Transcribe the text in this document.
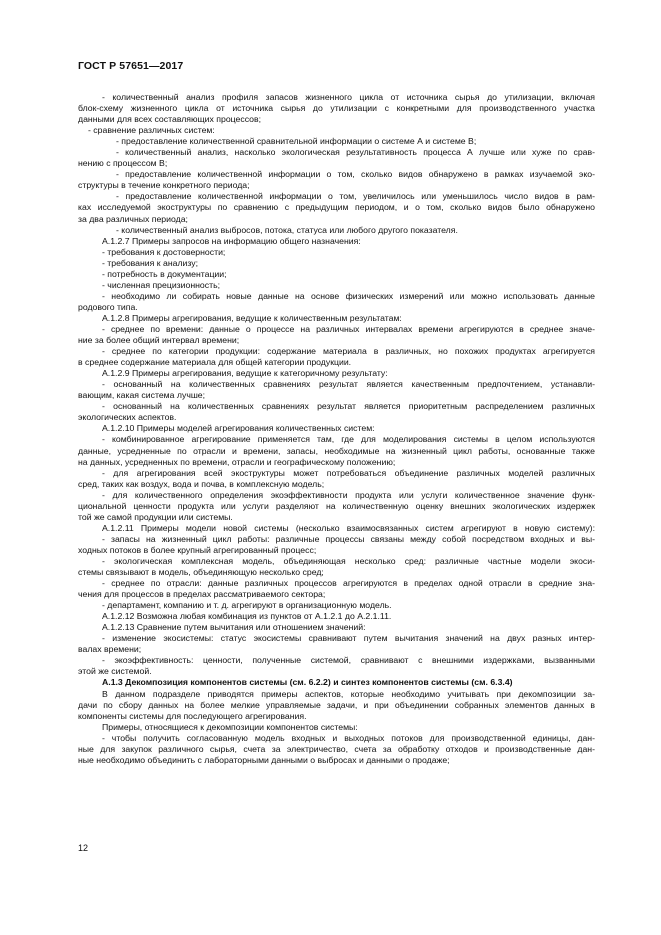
ГОСТ Р 57651—2017
- количественный анализ профиля запасов жизненного цикла от источника сырья до утилизации, включая
блок-схему жизненного цикла от источника сырья до утилизации с конкретными для производственного участка
данными для всех составляющих процессов;
- сравнение различных систем:
- предоставление количественной сравнительной информации о системе А и системе В;
- количественный анализ, насколько экологическая результативность процесса А лучше или хуже по срав-
нению с процессом В;
- предоставление количественной информации о том, сколько видов обнаружено в рамках изучаемой эко-
структуры в течение конкретного периода;
- предоставление количественной информации о том, увеличилось или уменьшилось число видов в рам-
ках исследуемой экоструктуры по сравнению с предыдущим периодом, и о том, сколько видов было обнаружено
за два различных периода;
- количественный анализ выбросов, потока, статуса или любого другого показателя.
А.1.2.7 Примеры запросов на информацию общего назначения:
- требования к достоверности;
- требования к анализу;
- потребность в документации;
- численная прецизионность;
- необходимо ли собирать новые данные на основе физических измерений или можно использовать данные
родового типа.
А.1.2.8 Примеры агрегирования, ведущие к количественным результатам:
- среднее по времени: данные о процессе на различных интервалах времени агрегируются в среднее значе-
ние за более общий интервал времени;
- среднее по категории продукции: содержание материала в различных, но похожих продуктах агрегируется
в среднее содержание материала для общей категории продукции.
А.1.2.9 Примеры агрегирования, ведущие к категоричному результату:
- основанный на количественных сравнениях результат является качественным предпочтением, устанавли-
вающим, какая система лучше;
- основанный на количественных сравнениях результат является приоритетным распределением различных
экологических аспектов.
А.1.2.10 Примеры моделей агрегирования количественных систем:
- комбинированное агрегирование применяется там, где для моделирования системы в целом используются
данные, усредненные по отрасли и времени, запасы, необходимые на жизненный цикл работы, основанные также
на данных, усредненных по времени, отрасли и географическому положению;
- для агрегирования всей экоструктуры может потребоваться объединение различных моделей различных
сред, таких как воздух, вода и почва, в комплексную модель;
- для количественного определения экоэффективности продукта или услуги количественное значение функ-
циональной ценности продукта или услуги разделяют на количественную оценку внешних экологических издержек
той же самой продукции или системы.
А.1.2.11 Примеры модели новой системы (несколько взаимосвязанных систем агрегируют в новую систему):
- запасы на жизненный цикл работы: различные процессы связаны между собой посредством входных и вы-
ходных потоков в более крупный агрегированный процесс;
- экологическая комплексная модель, объединяющая несколько сред: различные частные модели экоси-
стемы связывают в модель, объединяющую несколько сред;
- среднее по отрасли: данные различных процессов агрегируются в пределах одной отрасли в средние зна-
чения для процессов в пределах рассматриваемого сектора;
- департамент, компанию и т. д. агрегируют в организационную модель.
А.1.2.12 Возможна любая комбинация из пунктов от А.1.2.1 до А.2.1.11.
А.1.2.13 Сравнение путем вычитания или отношением значений:
- изменение экосистемы: статус экосистемы сравнивают путем вычитания значений на двух разных интер-
валах времени;
- экоэффективность: ценности, полученные системой, сравнивают с внешними издержками, вызванными
этой же системой.
А.1.3 Декомпозиция компонентов системы (см. 6.2.2) и синтез компонентов системы (см. 6.3.4)
В данном подразделе приводятся примеры аспектов, которые необходимо учитывать при декомпозиции за-
дачи по сбору данных на более мелкие управляемые задачи, и при объединении собранных элементов данных в
компоненты системы для последующего агрегирования.
Примеры, относящиеся к декомпозиции компонентов системы:
- чтобы получить согласованную модель входных и выходных потоков для производственной единицы, дан-
ные для закупок различного сырья, счета за электричество, счета за обработку отходов и производственные дан-
ные необходимо объединить с лабораторными данными о выбросах и данными о продаже;
12
